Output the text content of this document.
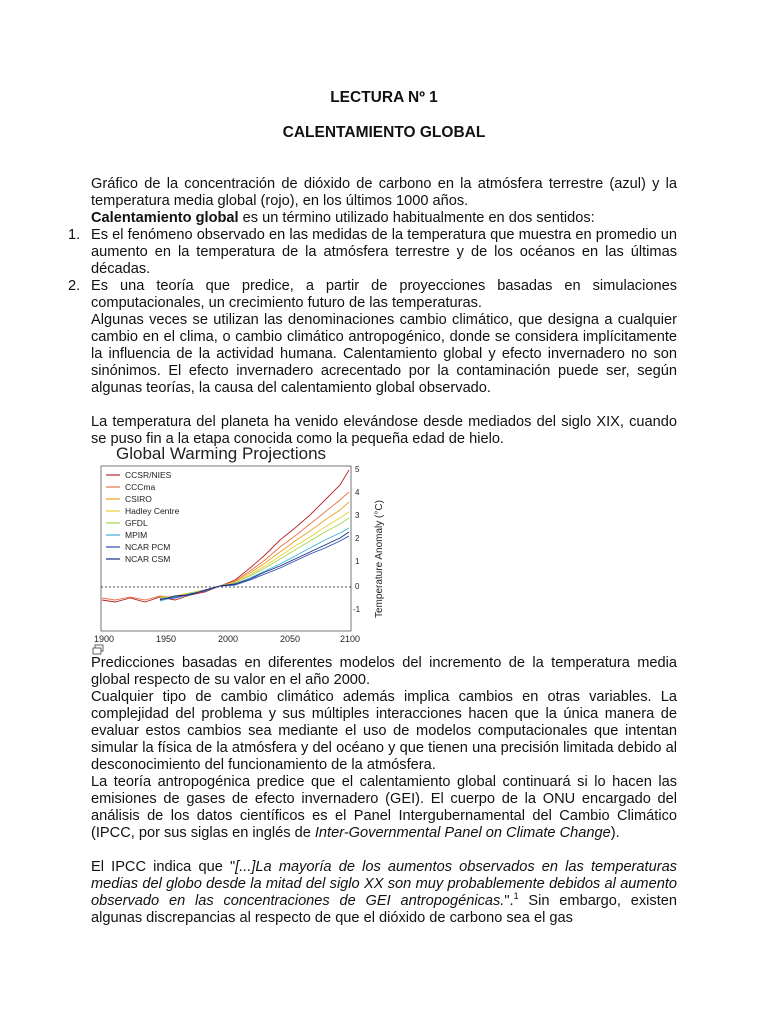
LECTURA Nº 1
CALENTAMIENTO GLOBAL
Gráfico de la concentración de dióxido de carbono en la atmósfera terrestre (azul) y la temperatura media global (rojo), en los últimos 1000 años.
Calentamiento global es un término utilizado habitualmente en dos sentidos:
1. Es el fenómeno observado en las medidas de la temperatura que muestra en promedio un aumento en la temperatura de la atmósfera terrestre y de los océanos en las últimas décadas.
2. Es una teoría que predice, a partir de proyecciones basadas en simulaciones computacionales, un crecimiento futuro de las temperaturas.
Algunas veces se utilizan las denominaciones cambio climático, que designa a cualquier cambio en el clima, o cambio climático antropogénico, donde se considera implícitamente la influencia de la actividad humana. Calentamiento global y efecto invernadero no son sinónimos. El efecto invernadero acrecentado por la contaminación puede ser, según algunas teorías, la causa del calentamiento global observado.
La temperatura del planeta ha venido elevándose desde mediados del siglo XIX, cuando se puso fin a la etapa conocida como la pequeña edad de hielo.
Global Warming Projections
CCSR/NIES
CCCma
CSIRO
Hadley Centre
GFDL
MPIM
NCAR PCM
NCAR CSM
1900	1950	2000	2050	2100
5
4
3
2
1
0
-1 Temperature Anomaly (°C)
Predicciones basadas en diferentes modelos del incremento de la temperatura media global respecto de su valor en el año 2000.
Cualquier tipo de cambio climático además implica cambios en otras variables. La complejidad del problema y sus múltiples interacciones hacen que la única manera de evaluar estos cambios sea mediante el uso de modelos computacionales que intentan simular la física de la atmósfera y del océano y que tienen una precisión limitada debido al desconocimiento del funcionamiento de la atmósfera.
La teoría antropogénica predice que el calentamiento global continuará si lo hacen las emisiones de gases de efecto invernadero (GEI). El cuerpo de la ONU encargado del análisis de los datos científicos es el Panel Intergubernamental del Cambio Climático (IPCC, por sus siglas en inglés de Inter-Governmental Panel on Climate Change).
El IPCC indica que "[...]La mayoría de los aumentos observados en las temperaturas medias del globo desde la mitad del siglo XX son muy probablemente debidos al aumento observado en las concentraciones de GEI antropogénicas.".$^1$ Sin embargo, existen algunas discrepancias al respecto de que el dióxido de carbono sea el gas
